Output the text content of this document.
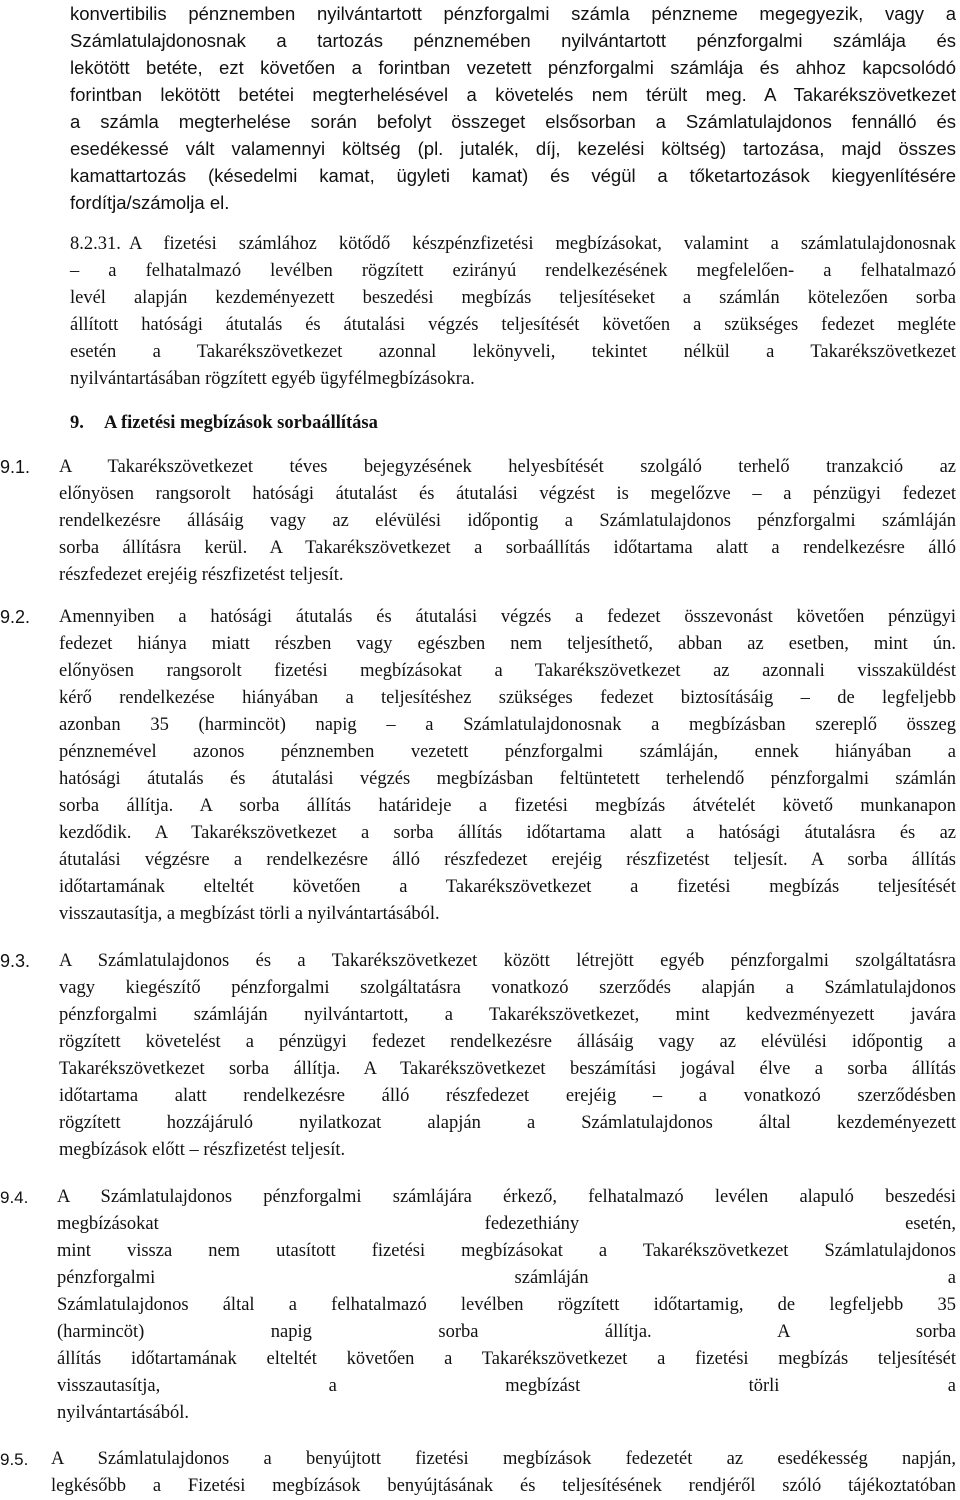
konvertibilis pénznemben nyilvántartott pénzforgalmi számla pénzneme megegyezik, vagy a
Számlatulajdonosnak a tartozás pénznemében nyilvántartott pénzforgalmi számlája és
lekötött betéte, ezt követően a forintban vezetett pénzforgalmi számlája és ahhoz kapcsolódó
forintban lekötött betétei megterhelésével a követelés nem térült meg. A Takarékszövetkezet
a számla megterhelése során befolyt összeget elsősorban a Számlatulajdonos fennálló és
esedékessé vált valamennyi költség (pl. jutalék, díj, kezelési költség) tartozása, majd összes
kamattartozás (késedelmi kamat, ügyleti kamat) és végül a tőketartozások kiegyenlítésére
fordítja/számolja el.
8.2.31. A fizetési számlához kötődő készpénzfizetési megbízásokat, valamint a számlatulajdonosnak
– a felhatalmazó levélben rögzített ezirányú rendelkezésének megfelelően- a felhatalmazó
levél alapján kezdeményezett beszedési megbízás teljesítéseket a számlán kötelezően sorba
állított hatósági átutalás és átutalási végzés teljesítését követően a szükséges fedezet megléte
esetén a Takarékszövetkezet azonnal lekönyveli, tekintet nélkül a Takarékszövetkezet
nyilvántartásában rögzített egyéb ügyfélmegbízásokra.
9. A fizetési megbízások sorbaállítása
9.1. A Takarékszövetkezet téves bejegyzésének helyesbítését szolgáló terhelő tranzakció az
előnyösen rangsorolt hatósági átutalást és átutalási végzést is megelőzve – a pénzügyi fedezet
rendelkezésre állásáig vagy az elévülési időpontig a Számlatulajdonos pénzforgalmi számláján
sorba állításra kerül. A Takarékszövetkezet a sorbaállítás időtartama alatt a rendelkezésre álló
részfedezet erejéig részfizetést teljesít.
9.2. Amennyiben a hatósági átutalás és átutalási végzés a fedezet összevonást követően pénzügyi
fedezet hiánya miatt részben vagy egészben nem teljesíthető, abban az esetben, mint ún.
előnyösen rangsorolt fizetési megbízásokat a Takarékszövetkezet az azonnali visszaküldést
kérő rendelkezése hiányában a teljesítéshez szükséges fedezet biztosításáig – de legfeljebb
azonban 35 (harmincöt) napig – a Számlatulajdonosnak a megbízásban szereplő összeg
pénznemével azonos pénznemben vezetett pénzforgalmi számláján, ennek hiányában a
hatósági átutalás és átutalási végzés megbízásban feltüntetett terhelendő pénzforgalmi számlán
sorba állítja. A sorba állítás határideje a fizetési megbízás átvételét követő munkanapon
kezdődik. A Takarékszövetkezet a sorba állítás időtartama alatt a hatósági átutalásra és az
átutalási végzésre a rendelkezésre álló részfedezet erejéig részfizetést teljesít. A sorba állítás
időtartamának elteltét követően a Takarékszövetkezet a fizetési megbízás teljesítését
visszautasítja, a megbízást törli a nyilvántartásából.
9.3. A Számlatulajdonos és a Takarékszövetkezet között létrejött egyéb pénzforgalmi szolgáltatásra
vagy kiegészítő pénzforgalmi szolgáltatásra vonatkozó szerződés alapján a Számlatulajdonos
pénzforgalmi számláján nyilvántartott, a Takarékszövetkezet, mint kedvezményezett javára
rögzített követelést a pénzügyi fedezet rendelkezésre állásáig vagy az elévülési időpontig a
Takarékszövetkezet sorba állítja. A Takarékszövetkezet beszámítási jogával élve a sorba állítás
időtartama alatt rendelkezésre álló részfedezet erejéig – a vonatkozó szerződésben
rögzített hozzájáruló nyilatkozat alapján a Számlatulajdonos által kezdeményezett
megbízások előtt – részfizetést teljesít.
9.4. A Számlatulajdonos pénzforgalmi számlájára érkező, felhatalmazó levélen alapuló beszedési
megbízásokat fedezethiány esetén,
mint vissza nem utasított fizetési megbízásokat a Takarékszövetkezet Számlatulajdonos
pénzforgalmi számláján a
Számlatulajdonos által a felhatalmazó levélben rögzített időtartamig, de legfeljebb 35
(harmincöt) napig sorba állítja. A sorba
állítás időtartamának elteltét követően a Takarékszövetkezet a fizetési megbízás teljesítését
visszautasítja, a megbízást törli a
nyilvántartásából.
9.5. A Számlatulajdonos a benyújtott fizetési megbízások fedezetét az esedékesség napján,
legkésőbb a Fizetési megbízások benyújtásának és teljesítésének rendjéről szóló tájékoztatóban
